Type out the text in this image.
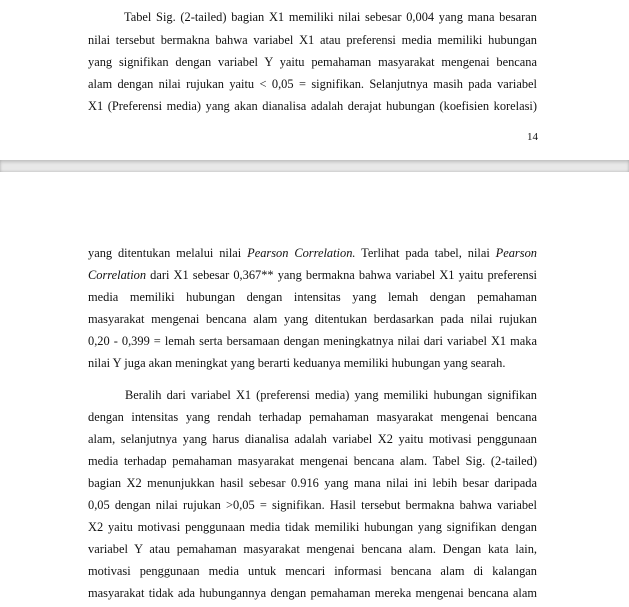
Tabel Sig. (2-tailed) bagian X1 memiliki nilai sebesar 0,004 yang mana besaran
nilai tersebut bermakna bahwa variabel X1 atau preferensi media memiliki hubungan
yang signifikan dengan variabel Y yaitu pemahaman masyarakat mengenai bencana
alam dengan nilai rujukan yaitu < 0,05 = signifikan. Selanjutnya masih pada variabel
X1 (Preferensi media) yang akan dianalisa adalah derajat hubungan (koefisien korelasi)
14
yang ditentukan melalui nilai Pearson Correlation. Terlihat pada tabel, nilai Pearson
Correlation dari X1 sebesar 0,367** yang bermakna bahwa variabel X1 yaitu preferensi
media memiliki hubungan dengan intensitas yang lemah dengan pemahaman
masyarakat mengenai bencana alam yang ditentukan berdasarkan pada nilai rujukan
0,20 - 0,399 = lemah serta bersamaan dengan meningkatnya nilai dari variabel X1 maka
nilai Y juga akan meningkat yang berarti keduanya memiliki hubungan yang searah.
Beralih dari variabel X1 (preferensi media) yang memiliki hubungan signifikan
dengan intensitas yang rendah terhadap pemahaman masyarakat mengenai bencana
alam, selanjutnya yang harus dianalisa adalah variabel X2 yaitu motivasi penggunaan
media terhadap pemahaman masyarakat mengenai bencana alam. Tabel Sig. (2-tailed)
bagian X2 menunjukkan hasil sebesar 0.916 yang mana nilai ini lebih besar daripada
0,05 dengan nilai rujukan >0,05 = signifikan. Hasil tersebut bermakna bahwa variabel
X2 yaitu motivasi penggunaan media tidak memiliki hubungan yang signifikan dengan
variabel Y atau pemahaman masyarakat mengenai bencana alam. Dengan kata lain,
motivasi penggunaan media untuk mencari informasi bencana alam di kalangan
masyarakat tidak ada hubungannya dengan pemahaman mereka mengenai bencana alam
